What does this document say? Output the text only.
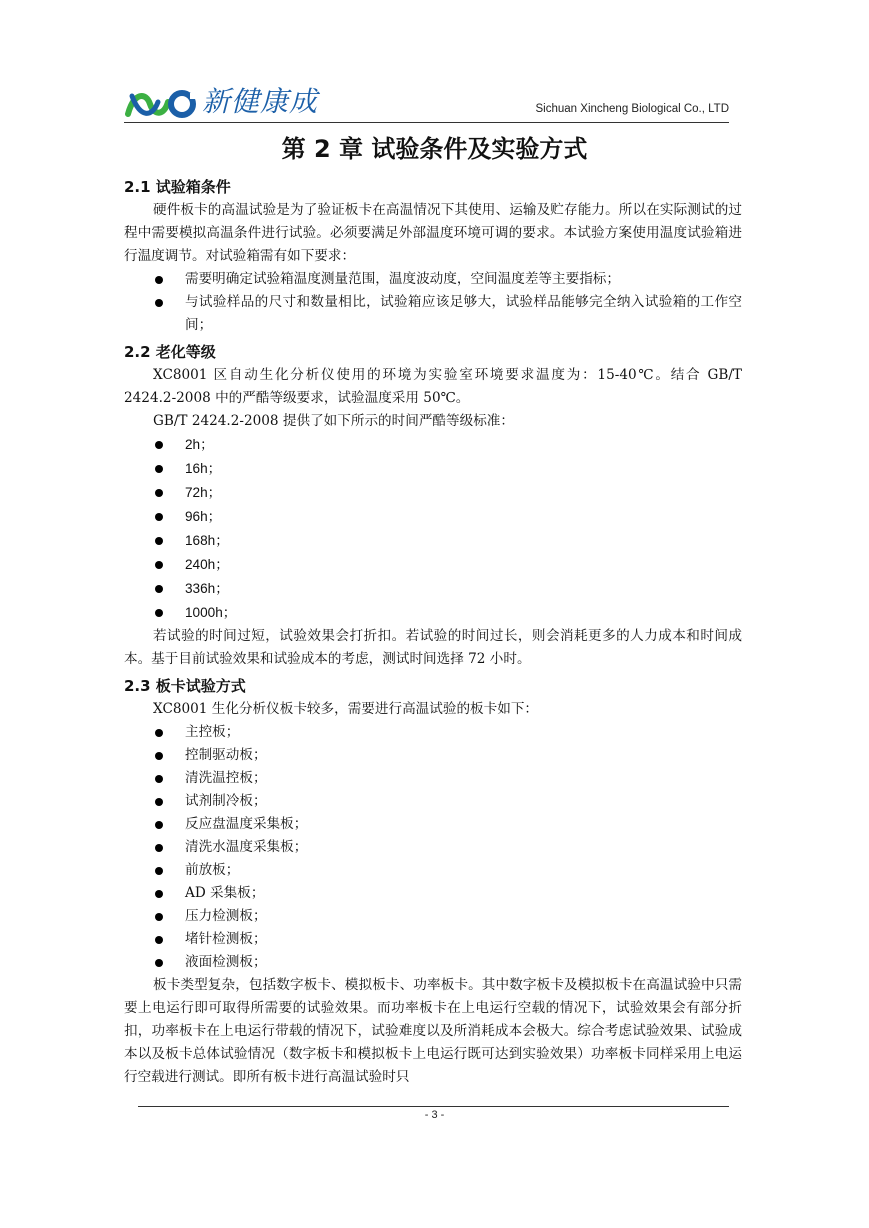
新健康成	Sichuan Xincheng Biological Co., LTD
第 2 章 试验条件及实验方式
2.1 试验箱条件

硬件板卡的高温试验是为了验证板卡在高温情况下其使用、运输及贮存能力。所以在实际测试的过程中需要模拟高温条件进行试验。必须要满足外部温度环境可调的要求。本试验方案使用温度试验箱进行温度调节。对试验箱需有如下要求：

需要明确定试验箱温度测量范围，温度波动度，空间温度差等主要指标；
与试验样品的尺寸和数量相比，试验箱应该足够大，试验样品能够完全纳入试验箱的工作空间；
2.2 老化等级

XC8001 区自动生化分析仪使用的环境为实验室环境要求温度为：15-40℃。结合 GB/T 2424.2-2008 中的严酷等级要求，试验温度采用 50℃。

GB/T 2424.2-2008 提供了如下所示的时间严酷等级标准：

2h；
16h；
72h；
96h；
168h；
240h；
336h；
1000h；

若试验的时间过短，试验效果会打折扣。若试验的时间过长，则会消耗更多的人力成本和时间成本。基于目前试验效果和试验成本的考虑，测试时间选择 72 小时。

2.3 板卡试验方式

XC8001 生化分析仪板卡较多，需要进行高温试验的板卡如下：

主控板；
控制驱动板；
清洗温控板；
试剂制冷板；
反应盘温度采集板；
清洗水温度采集板；
前放板；
AD 采集板；
压力检测板；
堵针检测板；
液面检测板；

板卡类型复杂，包括数字板卡、模拟板卡、功率板卡。其中数字板卡及模拟板卡在高温试验中只需要上电运行即可取得所需要的试验效果。而功率板卡在上电运行空载的情况下，试验效果会有部分折扣，功率板卡在上电运行带载的情况下，试验难度以及所消耗成本会极大。综合考虑试验效果、试验成本以及板卡总体试验情况（数字板卡和模拟板卡上电运行既可达到实验效果）功率板卡同样采用上电运行空载进行测试。即所有板卡进行高温试验时只

- 3 -
